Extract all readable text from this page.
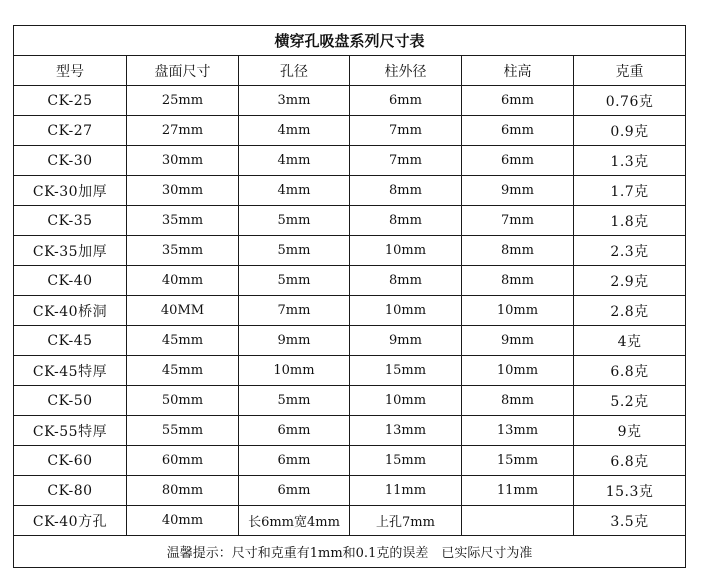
横穿孔吸盘系列尺寸表					
型号	盘面尺寸	孔径	柱外径	柱高	克重
CK-25	25mm	3mm	6mm	6mm	0.76克
CK-27	27mm	4mm	7mm	6mm	0.9克
CK-30	30mm	4mm	7mm	6mm	1.3克
CK-30加厚	30mm	4mm	8mm	9mm	1.7克
CK-35	35mm	5mm	8mm	7mm	1.8克
CK-35加厚	35mm	5mm	10mm	8mm	2.3克
CK-40	40mm	5mm	8mm	8mm	2.9克
CK-40桥洞	40MM	7mm	10mm	10mm	2.8克
CK-45	45mm	9mm	9mm	9mm	4克
CK-45特厚	45mm	10mm	15mm	10mm	6.8克
CK-50	50mm	5mm	10mm	8mm	5.2克
CK-55特厚	55mm	6mm	13mm	13mm	9克
CK-60	60mm	6mm	15mm	15mm	6.8克
CK-80	80mm	6mm	11mm	11mm	15.3克
CK-40方孔	40mm	长6mm宽4mm	上孔7mm		3.5克
温馨提示：尺寸和克重有1mm和0.1克的误差　已实际尺寸为准					
